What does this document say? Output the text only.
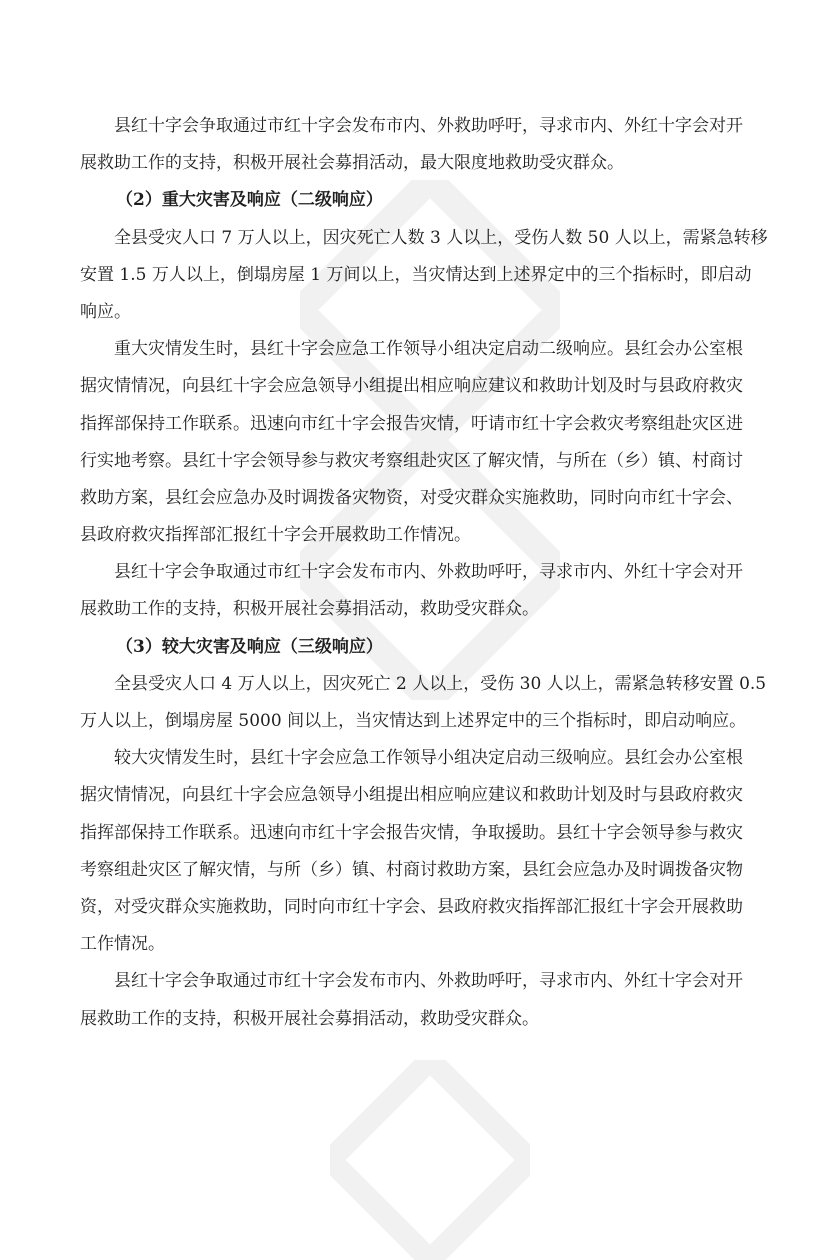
县红十字会争取通过市红十字会发布市内、外救助呼吁，寻求市内、外红十字会对开
展救助工作的支持，积极开展社会募捐活动，最大限度地救助受灾群众。
（2）重大灾害及响应（二级响应）
全县受灾人口 7 万人以上，因灾死亡人数 3 人以上，受伤人数 50 人以上，需紧急转移
安置 1.5 万人以上，倒塌房屋 1 万间以上，当灾情达到上述界定中的三个指标时，即启动
响应。
重大灾情发生时，县红十字会应急工作领导小组决定启动二级响应。县红会办公室根
据灾情情况，向县红十字会应急领导小组提出相应响应建议和救助计划及时与县政府救灾
指挥部保持工作联系。迅速向市红十字会报告灾情，吁请市红十字会救灾考察组赴灾区进
行实地考察。县红十字会领导参与救灾考察组赴灾区了解灾情，与所在（乡）镇、村商讨
救助方案，县红会应急办及时调拨备灾物资，对受灾群众实施救助，同时向市红十字会、
县政府救灾指挥部汇报红十字会开展救助工作情况。
县红十字会争取通过市红十字会发布市内、外救助呼吁，寻求市内、外红十字会对开
展救助工作的支持，积极开展社会募捐活动，救助受灾群众。
（3）较大灾害及响应（三级响应）
全县受灾人口 4 万人以上，因灾死亡 2 人以上，受伤 30 人以上，需紧急转移安置 0.5
万人以上，倒塌房屋 5000 间以上，当灾情达到上述界定中的三个指标时，即启动响应。
较大灾情发生时，县红十字会应急工作领导小组决定启动三级响应。县红会办公室根
据灾情情况，向县红十字会应急领导小组提出相应响应建议和救助计划及时与县政府救灾
指挥部保持工作联系。迅速向市红十字会报告灾情，争取援助。县红十字会领导参与救灾
考察组赴灾区了解灾情，与所（乡）镇、村商讨救助方案，县红会应急办及时调拨备灾物
资，对受灾群众实施救助，同时向市红十字会、县政府救灾指挥部汇报红十字会开展救助
工作情况。
县红十字会争取通过市红十字会发布市内、外救助呼吁，寻求市内、外红十字会对开
展救助工作的支持，积极开展社会募捐活动，救助受灾群众。
